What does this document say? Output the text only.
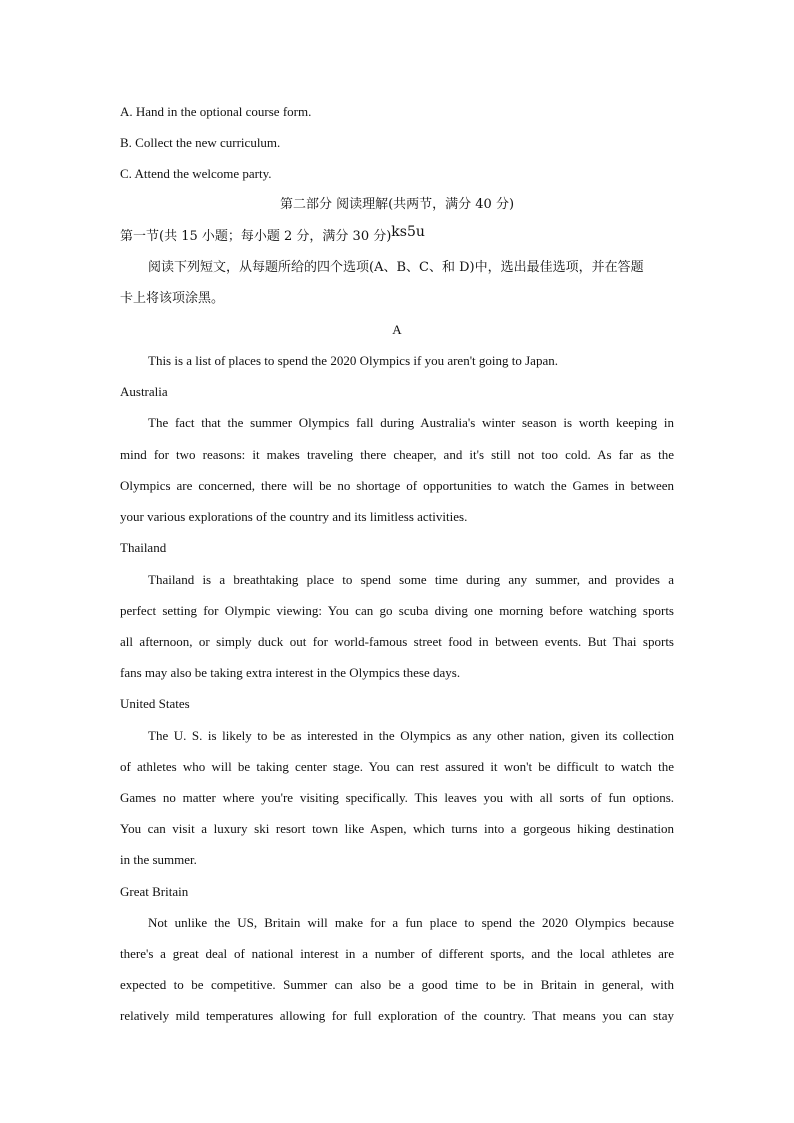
A. Hand in the optional course form.
B. Collect the new curriculum.
C. Attend the welcome party.
第二部分 阅读理解(共两节，满分 40 分)
第一节(共 15 小题；每小题 2 分，满分 30 分)ks5u
阅读下列短文，从每题所给的四个选项(A、B、C、和 D)中，选出最佳选项，并在答题
卡上将该项涂黑。
A
This is a list of places to spend the 2020 Olympics if you aren't going to Japan.
Australia
The fact that the summer Olympics fall during Australia's winter season is worth keeping in
mind for two reasons: it makes traveling there cheaper, and it's still not too cold. As far as the
Olympics are concerned, there will be no shortage of opportunities to watch the Games in between
your various explorations of the country and its limitless activities.
Thailand
Thailand is a breathtaking place to spend some time during any summer, and provides a
perfect setting for Olympic viewing: You can go scuba diving one morning before watching sports
all afternoon, or simply duck out for world-famous street food in between events. But Thai sports
fans may also be taking extra interest in the Olympics these days.
United States
The U. S. is likely to be as interested in the Olympics as any other nation, given its collection
of athletes who will be taking center stage. You can rest assured it won't be difficult to watch the
Games no matter where you're visiting specifically. This leaves you with all sorts of fun options.
You can visit a luxury ski resort town like Aspen, which turns into a gorgeous hiking destination
in the summer.
Great Britain
Not unlike the US, Britain will make for a fun place to spend the 2020 Olympics because
there's a great deal of national interest in a number of different sports, and the local athletes are
expected to be competitive. Summer can also be a good time to be in Britain in general, with
relatively mild temperatures allowing for full exploration of the country. That means you can stay
